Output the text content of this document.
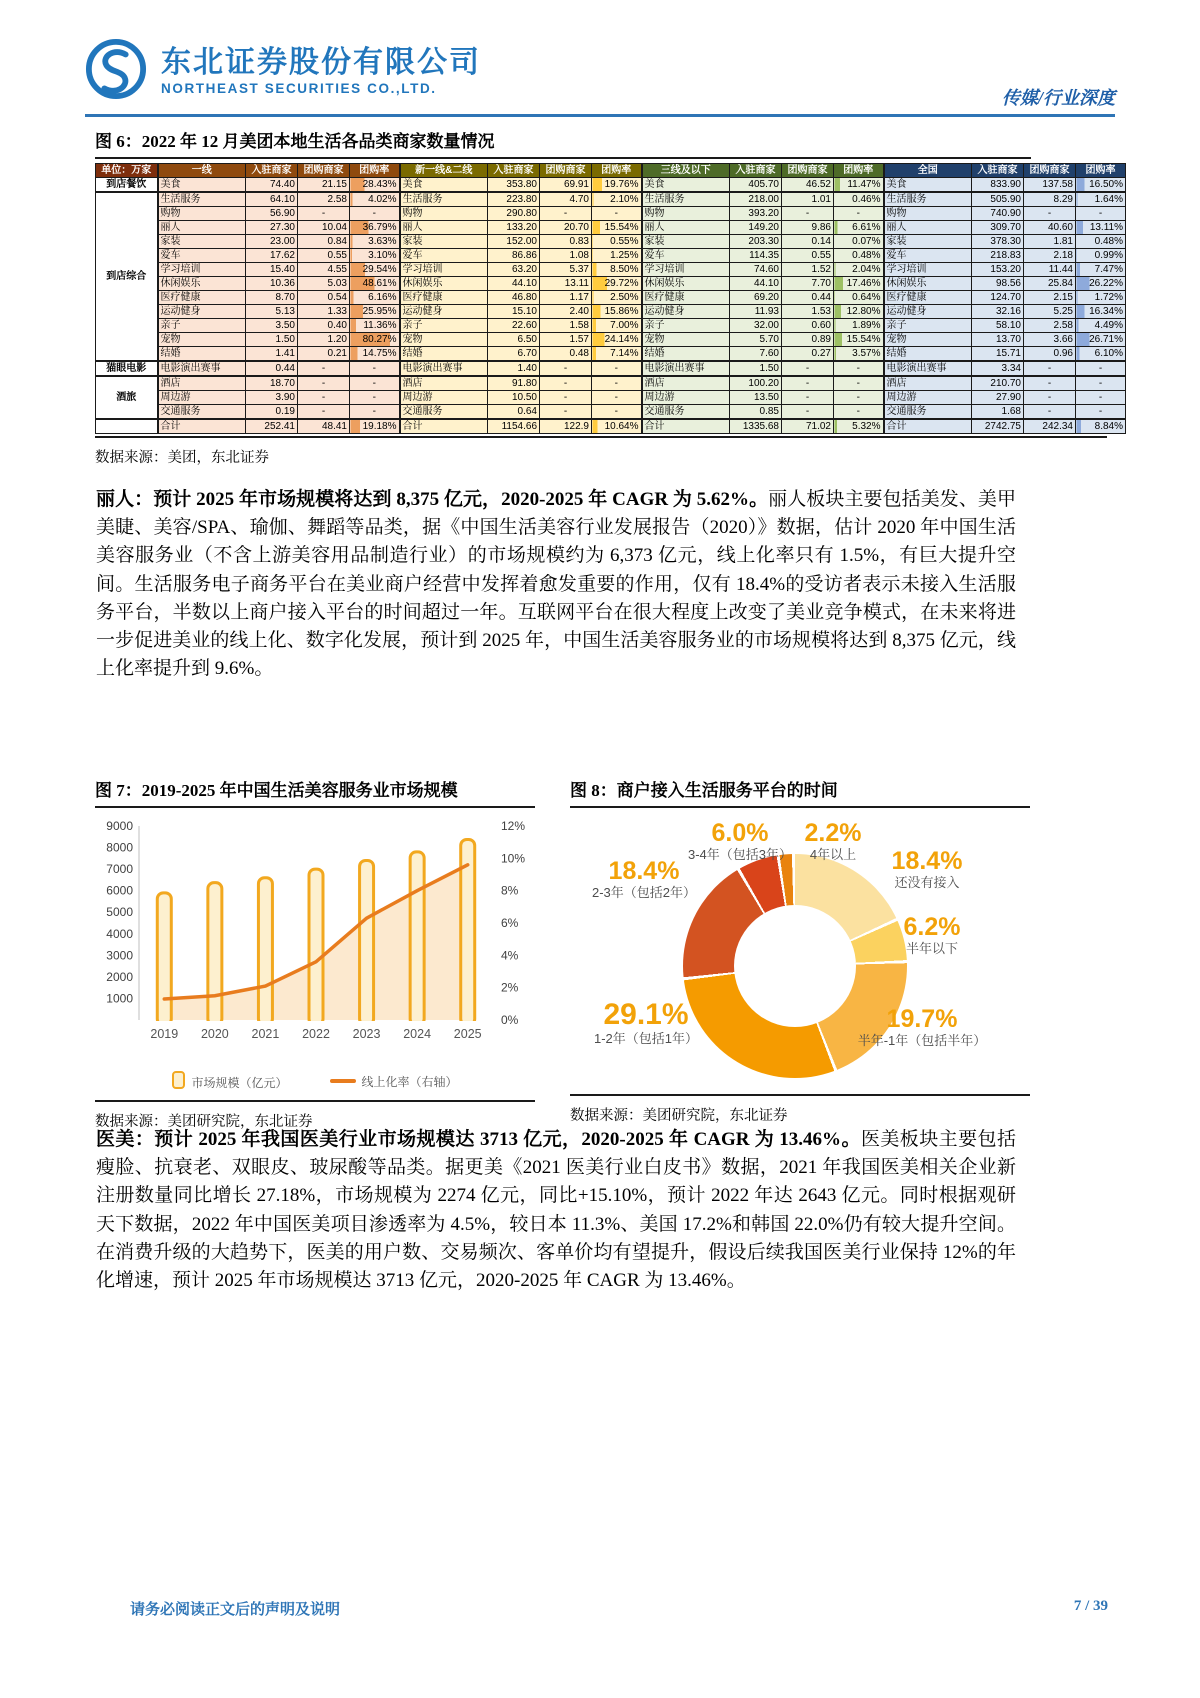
东北证券股份有限公司
NORTHEAST SECURITIES CO.,LTD.	传媒/行业深度
图 6：2022 年 12 月美团本地生活各品类商家数量情况
单位：万家	一线	入驻商家	团购商家	团购率	新一线&二线	入驻商家	团购商家	团购率	三线及以下	入驻商家	团购商家	团购率	全国	入驻商家	团购商家	团购率
到店餐饮	美食	74.40	21.15	28.43%	美食	353.80	69.91	19.76%	美食	405.70	46.52	11.47%	美食	833.90	137.58	16.50%
到店综合	生活服务	64.10	2.58	4.02%	生活服务	223.80	4.70	2.10%	生活服务	218.00	1.01	0.46%	生活服务	505.90	8.29	1.64%
	购物	56.90	-	-	购物	290.80	-	-	购物	393.20	-	-	购物	740.90	-	-
	丽人	27.30	10.04	36.79%	丽人	133.20	20.70	15.54%	丽人	149.20	9.86	6.61%	丽人	309.70	40.60	13.11%
	家装	23.00	0.84	3.63%	家装	152.00	0.83	0.55%	家装	203.30	0.14	0.07%	家装	378.30	1.81	0.48%
	爱车	17.62	0.55	3.10%	爱车	86.86	1.08	1.25%	爱车	114.35	0.55	0.48%	爱车	218.83	2.18	0.99%
	学习培训	15.40	4.55	29.54%	学习培训	63.20	5.37	8.50%	学习培训	74.60	1.52	2.04%	学习培训	153.20	11.44	7.47%
	休闲娱乐	10.36	5.03	48.61%	休闲娱乐	44.10	13.11	29.72%	休闲娱乐	44.10	7.70	17.46%	休闲娱乐	98.56	25.84	26.22%
	医疗健康	8.70	0.54	6.16%	医疗健康	46.80	1.17	2.50%	医疗健康	69.20	0.44	0.64%	医疗健康	124.70	2.15	1.72%
	运动健身	5.13	1.33	25.95%	运动健身	15.10	2.40	15.86%	运动健身	11.93	1.53	12.80%	运动健身	32.16	5.25	16.34%
	亲子	3.50	0.40	11.36%	亲子	22.60	1.58	7.00%	亲子	32.00	0.60	1.89%	亲子	58.10	2.58	4.49%
	宠物	1.50	1.20	80.27%	宠物	6.50	1.57	24.14%	宠物	5.70	0.89	15.54%	宠物	13.70	3.66	26.71%
	结婚	1.41	0.21	14.75%	结婚	6.70	0.48	7.14%	结婚	7.60	0.27	3.57%	结婚	15.71	0.96	6.10%
猫眼电影	电影演出赛事	0.44	-	-	电影演出赛事	1.40	-	-	电影演出赛事	1.50	-	-	电影演出赛事	3.34	-	-
酒旅	酒店	18.70	-	-	酒店	91.80	-	-	酒店	100.20	-	-	酒店	210.70	-	-
	周边游	3.90	-	-	周边游	10.50	-	-	周边游	13.50	-	-	周边游	27.90	-	-
	交通服务	0.19	-	-	交通服务	0.64	-	-	交通服务	0.85	-	-	交通服务	1.68	-	-
	合计	252.41	48.41	19.18%	合计	1154.66	122.9	10.64%	合计	1335.68	71.02	5.32%	合计	2742.75	242.34	8.84%
数据来源：美团，东北证券
丽人：预计 2025 年市场规模将达到 8,375 亿元，2020-2025 年 CAGR 为 5.62%。丽人板块主要包括美发、美甲美睫、美容/SPA、瑜伽、舞蹈等品类，据《中国生活美容行业发展报告（2020）》数据，估计 2020 年中国生活美容服务业（不含上游美容用品制造行业）的市场规模约为 6,373 亿元，线上化率只有 1.5%，有巨大提升空间。生活服务电子商务平台在美业商户经营中发挥着愈发重要的作用，仅有 18.4%的受访者表示未接入生活服务平台，半数以上商户接入平台的时间超过一年。互联网平台在很大程度上改变了美业竞争模式，在未来将进一步促进美业的线上化、数字化发展，预计到 2025 年，中国生活美容服务业的市场规模将达到 8,375 亿元，线上化率提升到 9.6%。
图 7：2019-2025 年中国生活美容服务业市场规模
1000
2000
3000
4000
5000
6000
7000
8000
9000
0%
2%
4%
6%
8%
10%
12%
2019 2020 2021 2022 2023 2024 2025
市场规模（亿元）	线上化率（右轴）
数据来源：美团研究院，东北证券
图 8：商户接入生活服务平台的时间
18.4%
还没有接入
6.2%
半年以下
19.7%
半年-1年（包括半年）
29.1%
1-2年（包括1年）
18.4%
2-3年（包括2年）
6.0%
3-4年（包括3年）
2.2%
4年以上
数据来源：美团研究院，东北证券
医美：预计 2025 年我国医美行业市场规模达 3713 亿元，2020-2025 年 CAGR 为 13.46%。医美板块主要包括瘦脸、抗衰老、双眼皮、玻尿酸等品类。据更美《2021 医美行业白皮书》数据，2021 年我国医美相关企业新注册数量同比增长 27.18%，市场规模为 2274 亿元，同比+15.10%，预计 2022 年达 2643 亿元。同时根据观研天下数据，2022 年中国医美项目渗透率为 4.5%，较日本 11.3%、美国 17.2%和韩国 22.0%仍有较大提升空间。在消费升级的大趋势下，医美的用户数、交易频次、客单价均有望提升，假设后续我国医美行业保持 12%的年化增速，预计 2025 年市场规模达 3713 亿元，2020-2025 年 CAGR 为 13.46%。
请务必阅读正文后的声明及说明	7 / 39
